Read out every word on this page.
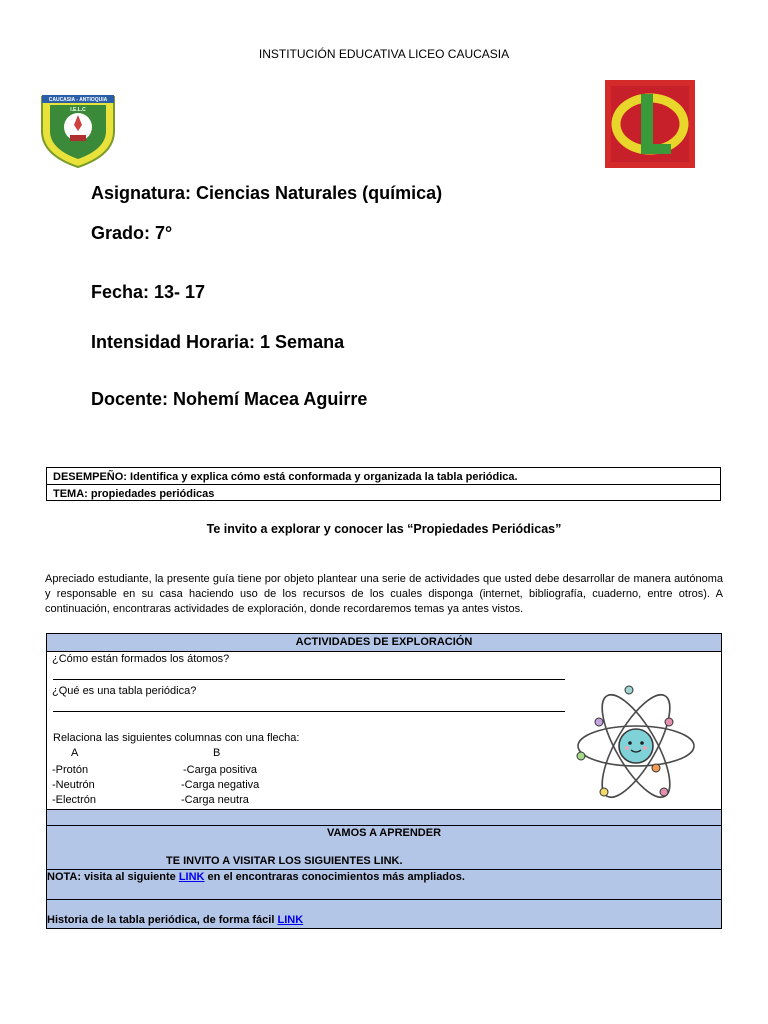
INSTITUCIÓN EDUCATIVA LICEO CAUCASIA
CAUCASIA - ANTIOQUIA
I.E.L.C
Asignatura: Ciencias Naturales (química)
Grado: 7°
Fecha: 13- 17
Intensidad Horaria: 1 Semana
Docente: Nohemí Macea Aguirre
DESEMPEÑO: Identifica y explica cómo está conformada y organizada la tabla periódica.
TEMA: propiedades periódicas
Te invito a explorar y conocer las “Propiedades Periódicas”
Apreciado estudiante, la presente guía tiene por objeto plantear una serie de actividades que usted debe desarrollar de manera autónoma y responsable en su casa haciendo uso de los recursos de los cuales disponga (internet, bibliografía, cuaderno, entre otros). A continuación, encontraras actividades de exploración, donde recordaremos temas ya antes vistos.
ACTIVIDADES DE EXPLORACIÓN
¿Cómo están formados los átomos?
¿Qué es una tabla periódica?
Relaciona las siguientes columnas con una flecha:
A	B
-Protón
-Neutrón
-Electrón
-Carga positiva
-Carga negativa
-Carga neutra
VAMOS A APRENDER
TE INVITO A VISITAR LOS SIGUIENTES LINK.
NOTA: visita al siguiente LINK en el encontraras conocimientos más ampliados.
Historia de la tabla periódica, de forma fácil LINK
